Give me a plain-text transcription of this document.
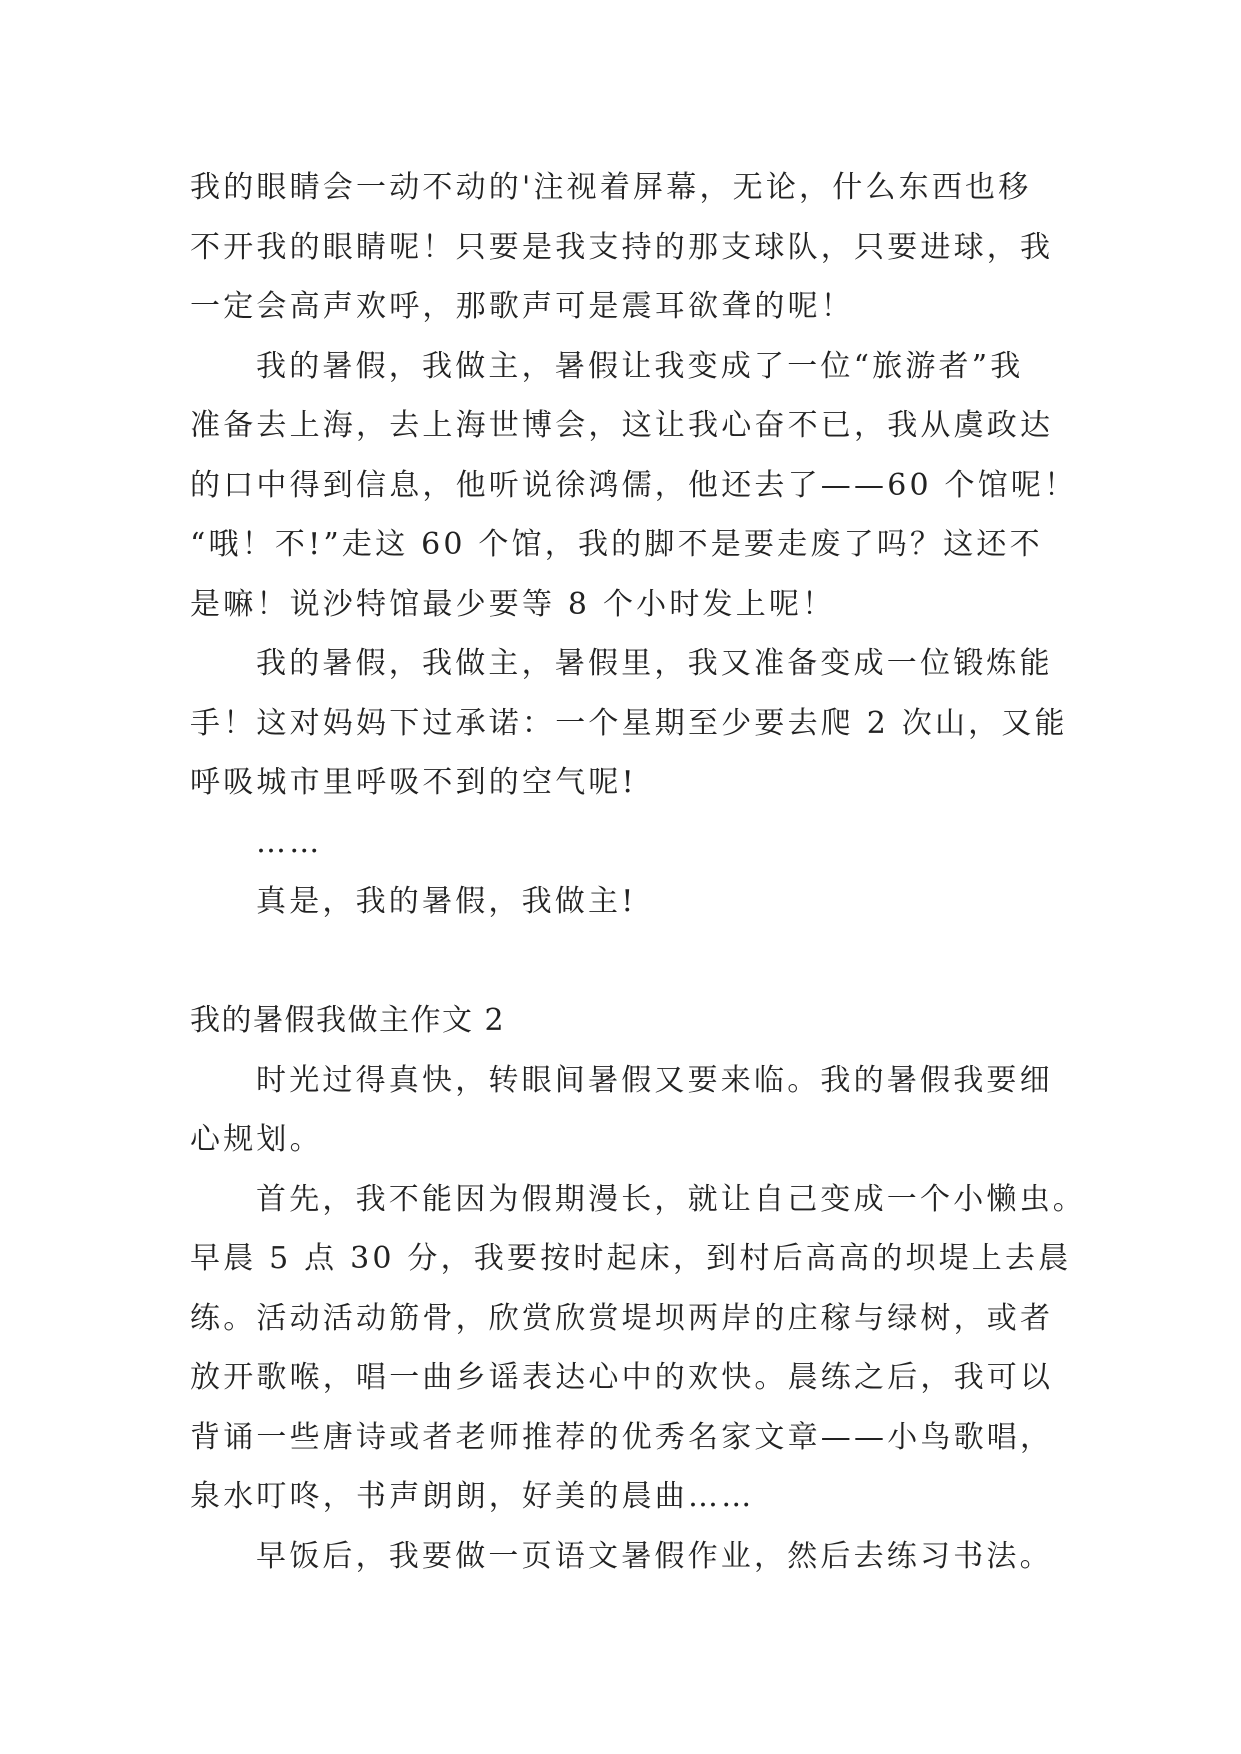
我的眼睛会一动不动的'注视着屏幕，无论，什么东西也移
不开我的眼睛呢！只要是我支持的那支球队，只要进球，我
一定会高声欢呼，那歌声可是震耳欲聋的呢！
我的暑假，我做主，暑假让我变成了一位“旅游者”我
准备去上海，去上海世博会，这让我心奋不已，我从虞政达
的口中得到信息，他听说徐鸿儒，他还去了——60 个馆呢！
“哦！不!”走这 60 个馆，我的脚不是要走废了吗？这还不
是嘛！说沙特馆最少要等 8 个小时发上呢！
我的暑假，我做主，暑假里，我又准备变成一位锻炼能
手！这对妈妈下过承诺：一个星期至少要去爬 2 次山，又能
呼吸城市里呼吸不到的空气呢!
……
真是，我的暑假，我做主!
我的暑假我做主作文 2
时光过得真快，转眼间暑假又要来临。我的暑假我要细
心规划。
首先，我不能因为假期漫长，就让自己变成一个小懒虫。
早晨 5 点 30 分，我要按时起床，到村后高高的坝堤上去晨
练。活动活动筋骨，欣赏欣赏堤坝两岸的庄稼与绿树，或者
放开歌喉，唱一曲乡谣表达心中的欢快。晨练之后，我可以
背诵一些唐诗或者老师推荐的优秀名家文章——小鸟歌唱，
泉水叮咚，书声朗朗，好美的晨曲……
早饭后，我要做一页语文暑假作业，然后去练习书法。
